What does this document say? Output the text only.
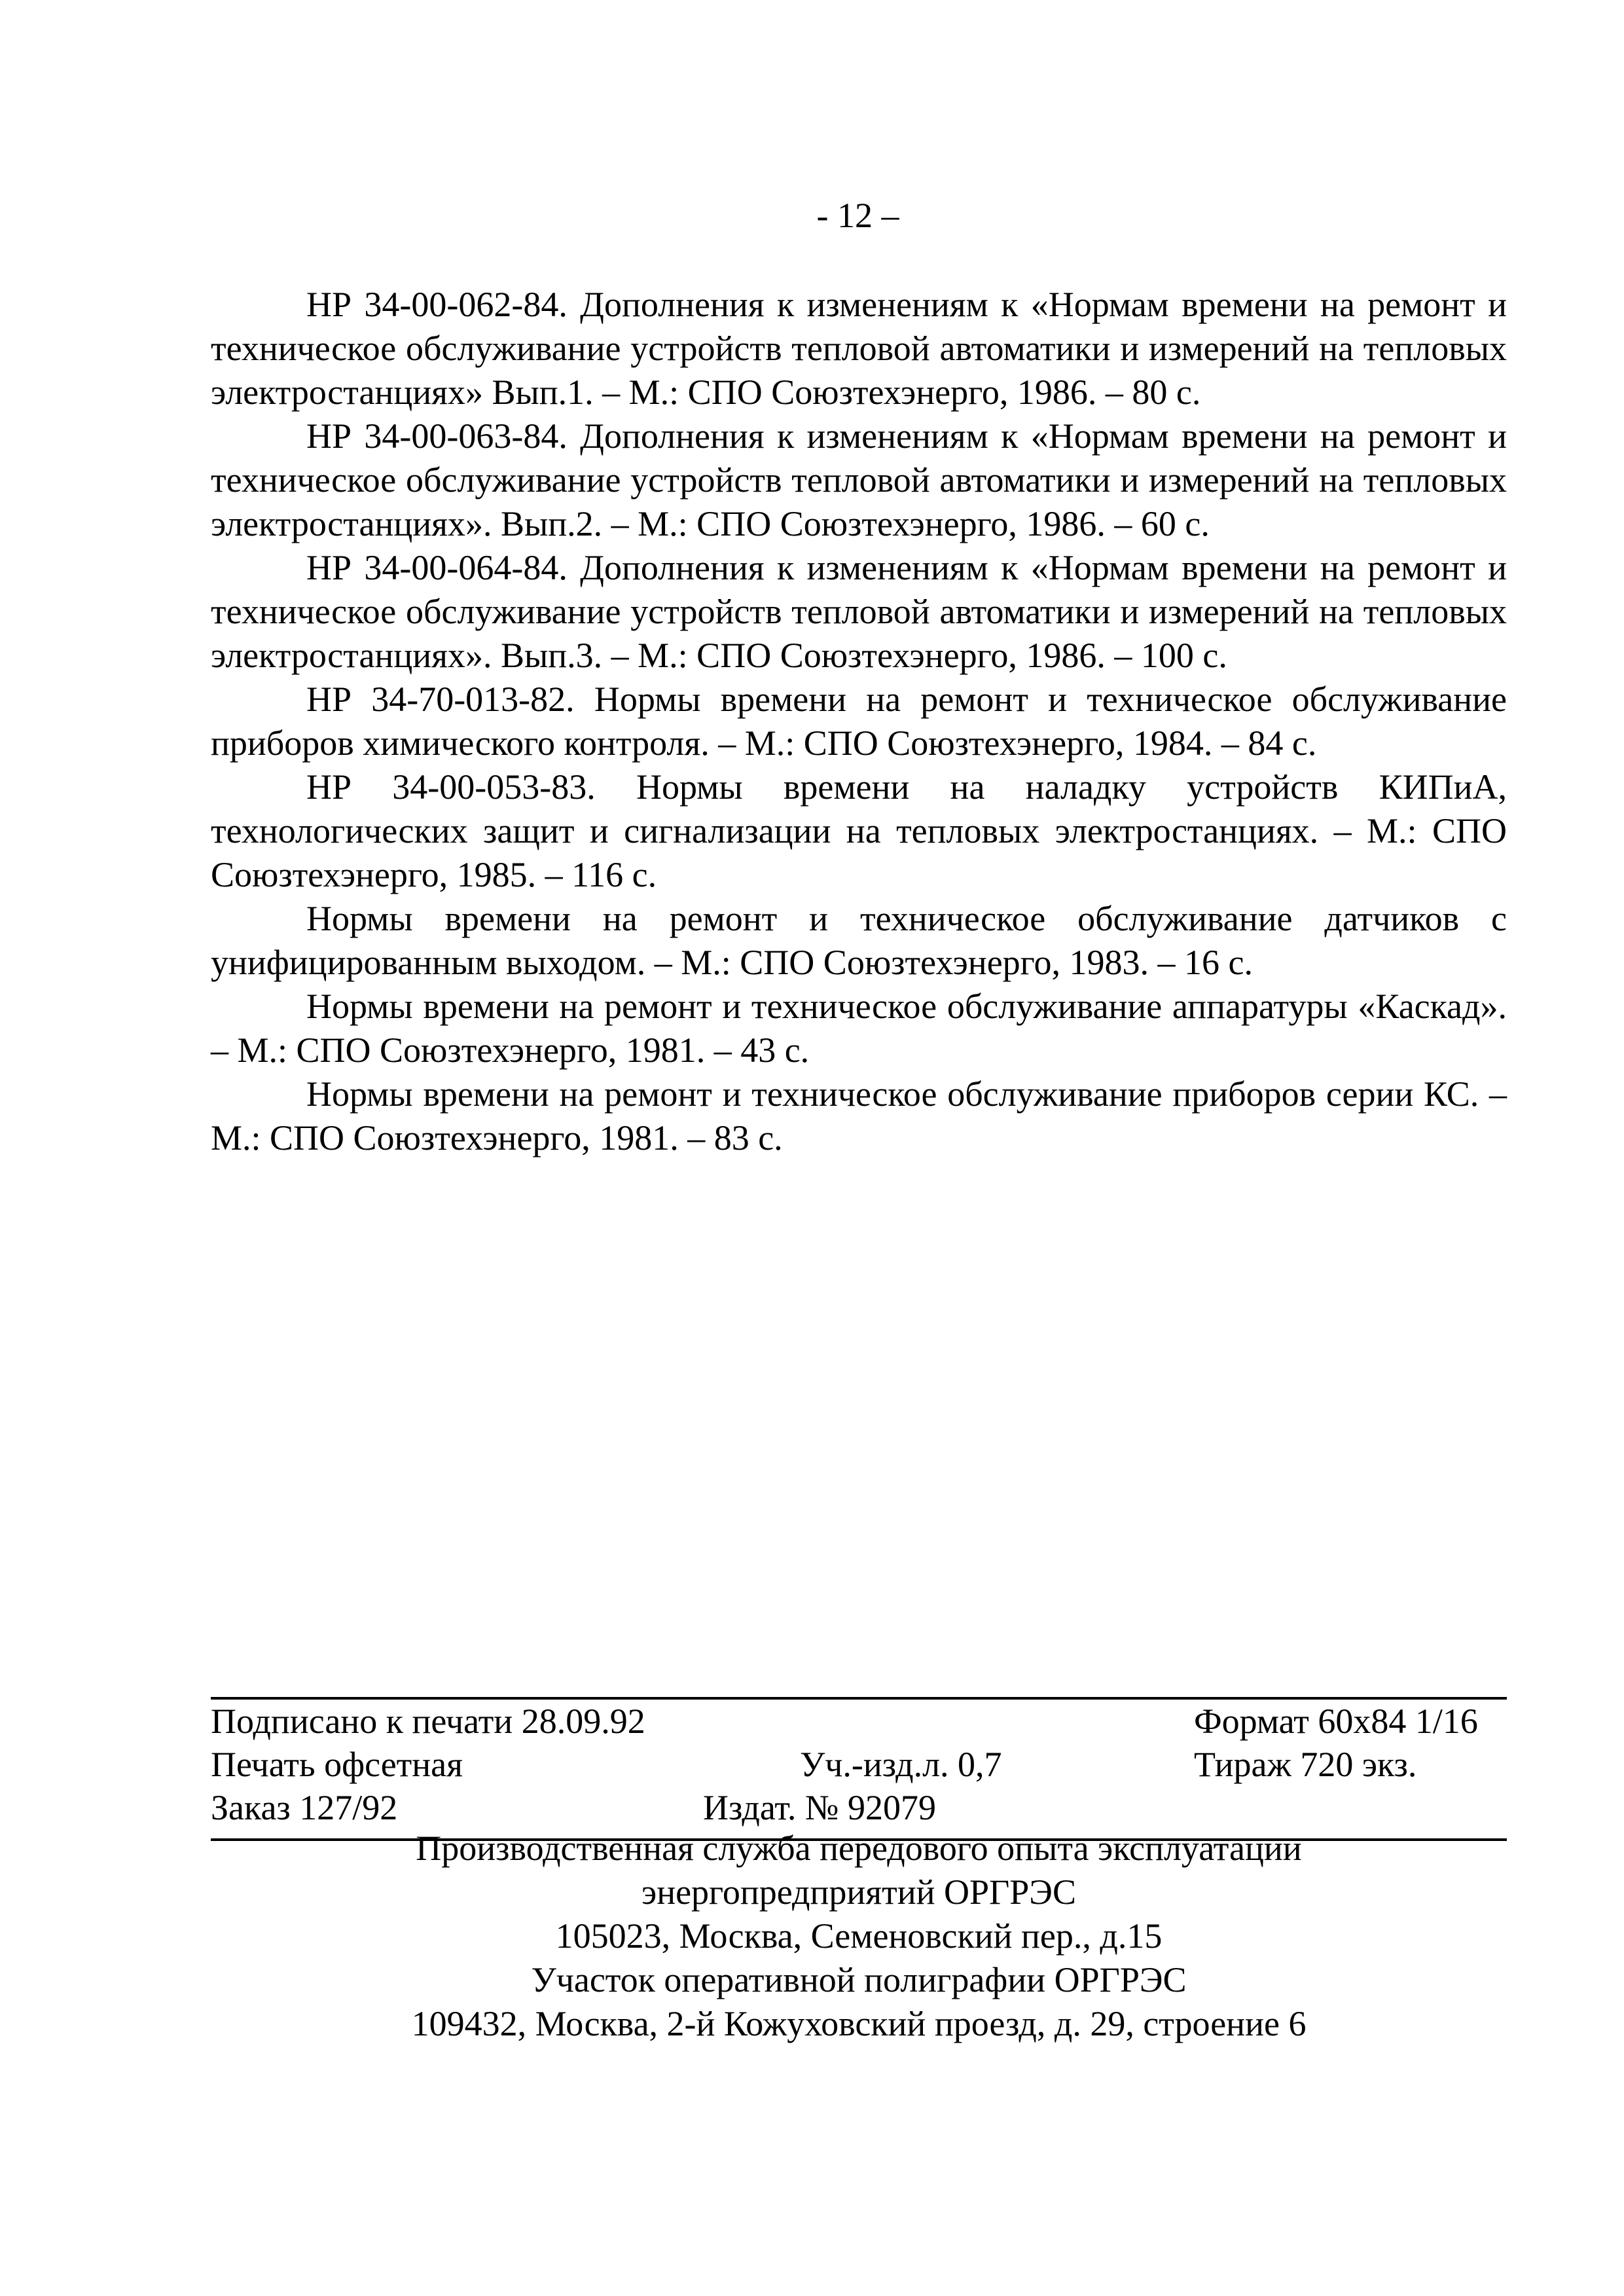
- 12 –

НР 34-00-062-84. Дополнения к изменениям к «Нормам времени на ремонт и техническое обслуживание устройств тепловой автоматики и измерений на тепловых электростанциях» Вып.1. – М.: СПО Союзтехэнерго, 1986. – 80 с.

НР 34-00-063-84. Дополнения к изменениям к «Нормам времени на ремонт и техническое обслуживание устройств тепловой автоматики и измерений на тепловых электростанциях». Вып.2. – М.: СПО Союзтехэнерго, 1986. – 60 с.

НР 34-00-064-84. Дополнения к изменениям к «Нормам времени на ремонт и техническое обслуживание устройств тепловой автоматики и измерений на тепловых электростанциях». Вып.3. – М.: СПО Союзтехэнерго, 1986. – 100 с.

НР 34-70-013-82. Нормы времени на ремонт и техническое обслуживание приборов химического контроля. – М.: СПО Союзтехэнерго, 1984. – 84 с.

НР 34-00-053-83. Нормы времени на наладку устройств КИПиА, технологических защит и сигнализации на тепловых электростанциях. – М.: СПО Союзтехэнерго, 1985. – 116 с.

Нормы времени на ремонт и техническое обслуживание датчиков с унифицированным выходом. – М.: СПО Союзтехэнерго, 1983. – 16 с.

Нормы времени на ремонт и техническое обслуживание аппаратуры «Каскад». – М.: СПО Союзтехэнерго, 1981. – 43 с.

Нормы времени на ремонт и техническое обслуживание приборов серии КС. – М.: СПО Союзтехэнерго, 1981. – 83 с.

Подписано к печати 28.09.92	Формат 60x84 1/16
Печать офсетная	Уч.-изд.л. 0,7	Тираж 720 экз.
Заказ 127/92	Издат. № 92079
Производственная служба передового опыта эксплуатации
энергопредприятий ОРГРЭС
105023, Москва, Семеновский пер., д.15
Участок оперативной полиграфии ОРГРЭС
109432, Москва, 2-й Кожуховский проезд, д. 29, строение 6
